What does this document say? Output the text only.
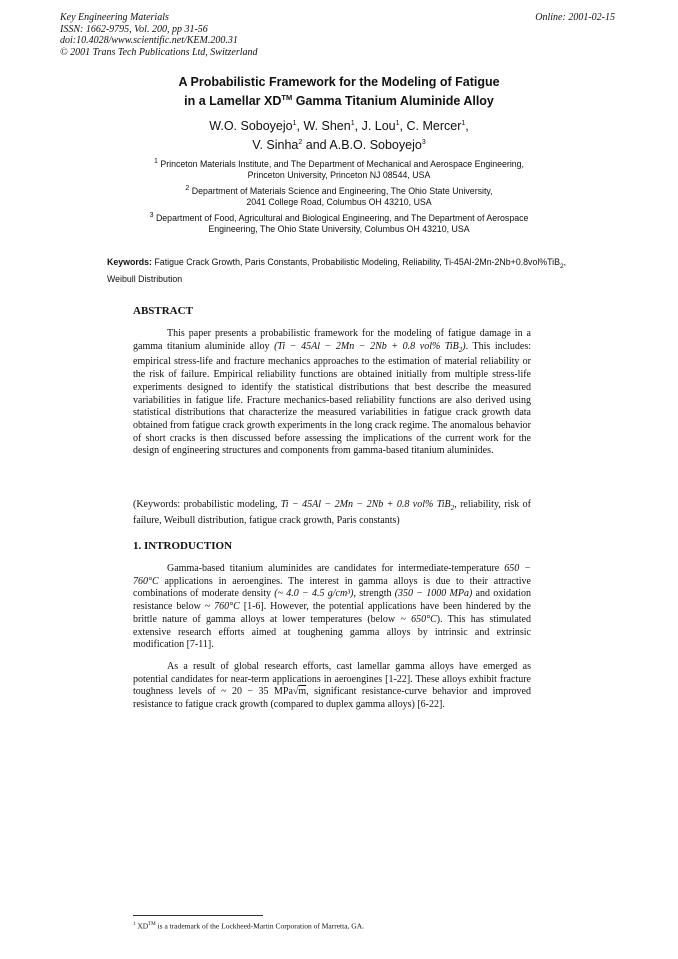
Key Engineering Materials
ISSN: 1662-9795, Vol. 200, pp 31-56
doi:10.4028/www.scientific.net/KEM.200.31
© 2001 Trans Tech Publications Ltd, Switzerland
Online: 2001-02-15
A Probabilistic Framework for the Modeling of Fatigue
in a Lamellar XD™ Gamma Titanium Aluminide Alloy
W.O. Soboyejo$^1$, W. Shen$^1$, J. Lou$^1$, C. Mercer$^1$,
V. Sinha$^2$ and A.B.O. Soboyejo$^3$
$^1$ Princeton Materials Institute, and The Department of Mechanical and Aerospace Engineering,
Princeton University, Princeton NJ 08544, USA
$^2$ Department of Materials Science and Engineering, The Ohio State University,
2041 College Road, Columbus OH 43210, USA
$^3$ Department of Food, Agricultural and Biological Engineering, and The Department of Aerospace
Engineering, The Ohio State University, Columbus OH 43210, USA
Keywords: Fatigue Crack Growth, Paris Constants, Probabilistic Modeling, Reliability, Ti-45Al-2Mn-2Nb+0.8vol%TiB$_2$, Weibull Distribution
ABSTRACT

This paper presents a probabilistic framework for the modeling of fatigue damage in a gamma titanium aluminide alloy (Ti − 45Al − 2Mn − 2Nb + 0.8 vol% TiB$_2$). This includes: empirical stress-life and fracture mechanics approaches to the estimation of material reliability or the risk of failure. Empirical reliability functions are obtained initially from multiple stress-life experiments designed to identify the statistical distributions that best describe the measured variabilities in fatigue life. Fracture mechanics-based reliability functions are also derived using statistical distributions that characterize the measured variabilities in fatigue crack growth data obtained from fatigue crack growth experiments in the long crack regime. The anomalous behavior of short cracks is then discussed before assessing the implications of the current work for the design of engineering structures and components from gamma-based titanium aluminides.

(Keywords: probabilistic modeling, Ti − 45Al − 2Mn − 2Nb + 0.8 vol% TiB$_2$, reliability, risk of failure, Weibull distribution, fatigue crack growth, Paris constants)

1. INTRODUCTION

Gamma-based titanium aluminides are candidates for intermediate-temperature 650 − 760°C applications in aeroengines. The interest in gamma alloys is due to their attractive combinations of moderate density (~ 4.0 − 4.5 g/cm³), strength (350 − 1000 MPa) and oxidation resistance below ~ 760°C [1-6]. However, the potential applications have been hindered by the brittle nature of gamma alloys at lower temperatures (below ~ 650°C). This has stimulated extensive research efforts aimed at toughening gamma alloys by intrinsic and extrinsic modification [7-11].

As a result of global research efforts, cast lamellar gamma alloys have emerged as potential candidates for near-term applications in aeroengines [1-22]. These alloys exhibit fracture toughness levels of ~ 20 − 35 MPa√m, significant resistance-curve behavior and improved resistance to fatigue crack growth (compared to duplex gamma alloys) [6-22].

$^1$ XD™ is a trademark of the Lockheed-Martin Corporation of Marretta, GA.
